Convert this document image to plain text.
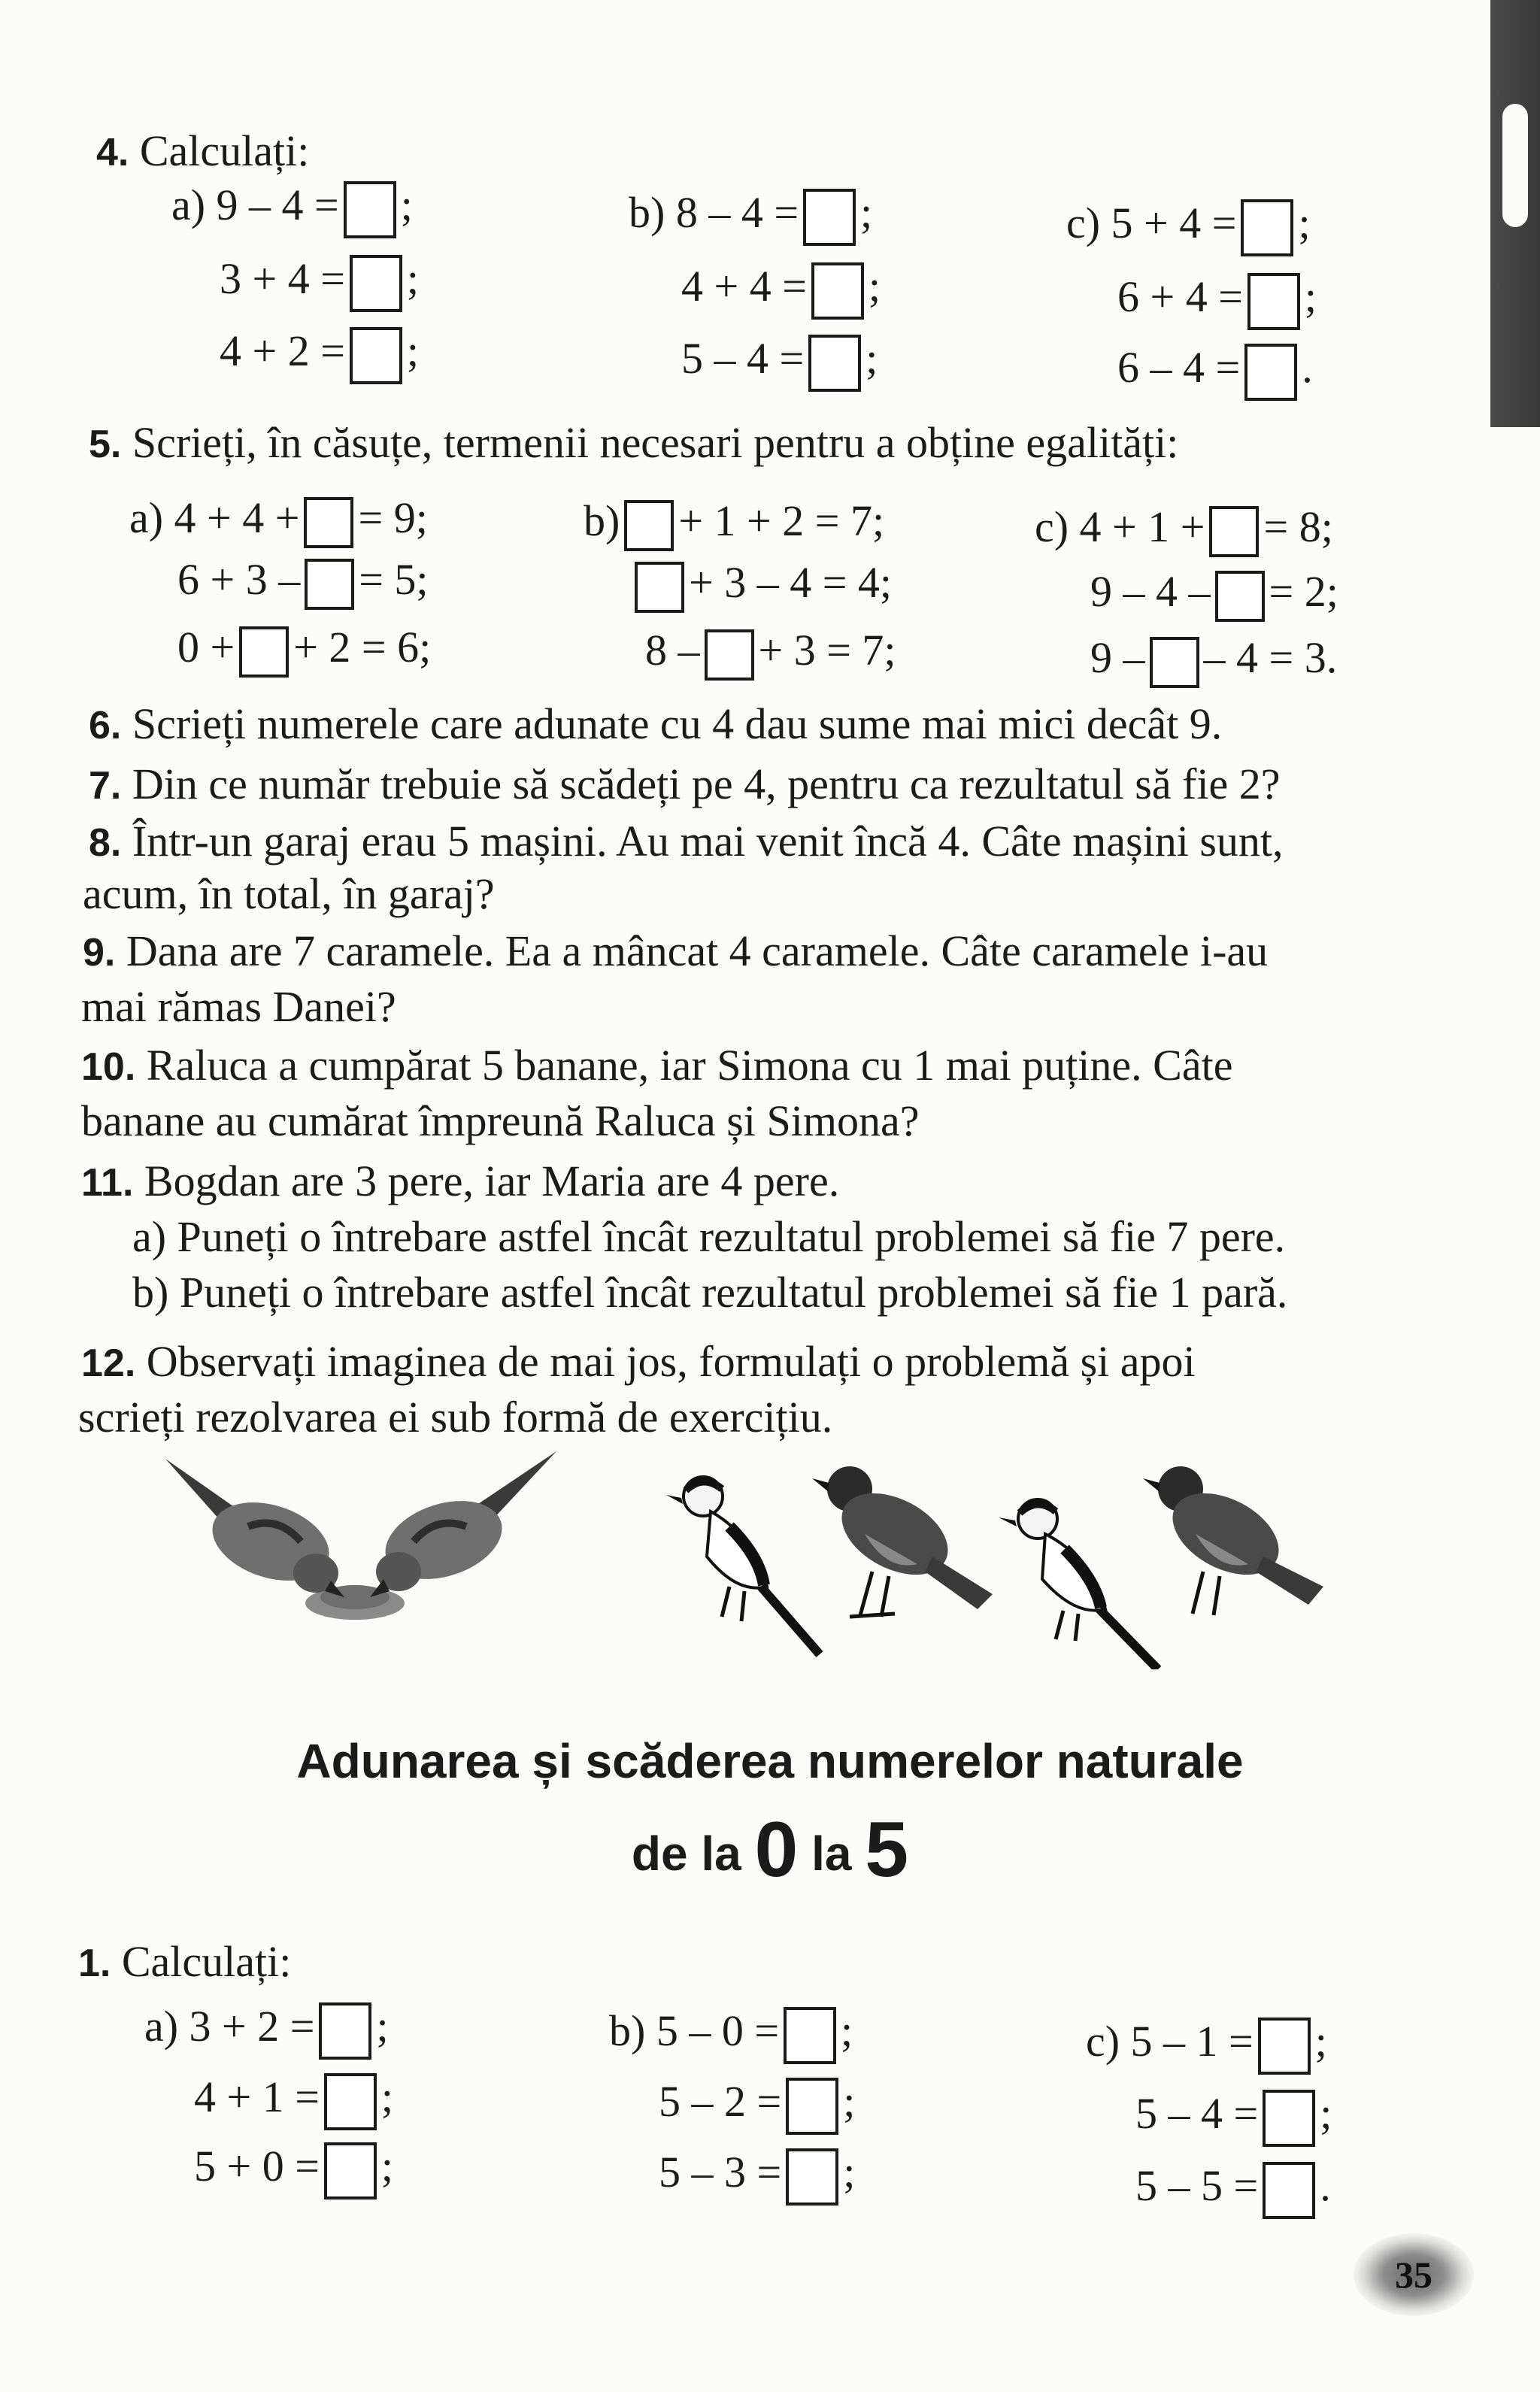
4. Calculați:
a) 9 – 4 = ;
3 + 4 = ;
4 + 2 = ;
b) 8 – 4 = ;
4 + 4 = ;
5 – 4 = ;
c) 5 + 4 = ;
6 + 4 = ;
6 – 4 = .
5. Scrieți, în căsuțe, termenii necesari pentru a obține egalități:
a) 4 + 4 + = 9;
6 + 3 – = 5;
0 + + 2 = 6;
b) + 1 + 2 = 7;
+ 3 – 4 = 4;
8 – + 3 = 7;
c) 4 + 1 + = 8;
9 – 4 – = 2;
9 – – 4 = 3.
6. Scrieți numerele care adunate cu 4 dau sume mai mici decât 9.
7. Din ce număr trebuie să scădeți pe 4, pentru ca rezultatul să fie 2?
8. Într-un garaj erau 5 mașini. Au mai venit încă 4. Câte mașini sunt,
acum, în total, în garaj?
9. Dana are 7 caramele. Ea a mâncat 4 caramele. Câte caramele i-au
mai rămas Danei?
10. Raluca a cumpărat 5 banane, iar Simona cu 1 mai puține. Câte
banane au cumărat împreună Raluca și Simona?
11. Bogdan are 3 pere, iar Maria are 4 pere.
a) Puneți o întrebare astfel încât rezultatul problemei să fie 7 pere.
b) Puneți o întrebare astfel încât rezultatul problemei să fie 1 pară.
12. Observați imaginea de mai jos, formulați o problemă și apoi
scrieți rezolvarea ei sub formă de exercițiu.
Adunarea și scăderea numerelor naturale
de la 0 la 5
1. Calculați:
a) 3 + 2 = ;
4 + 1 = ;
5 + 0 = ;
b) 5 – 0 = ;
5 – 2 = ;
5 – 3 = ;
c) 5 – 1 = ;
5 – 4 = ;
5 – 5 = .
35
